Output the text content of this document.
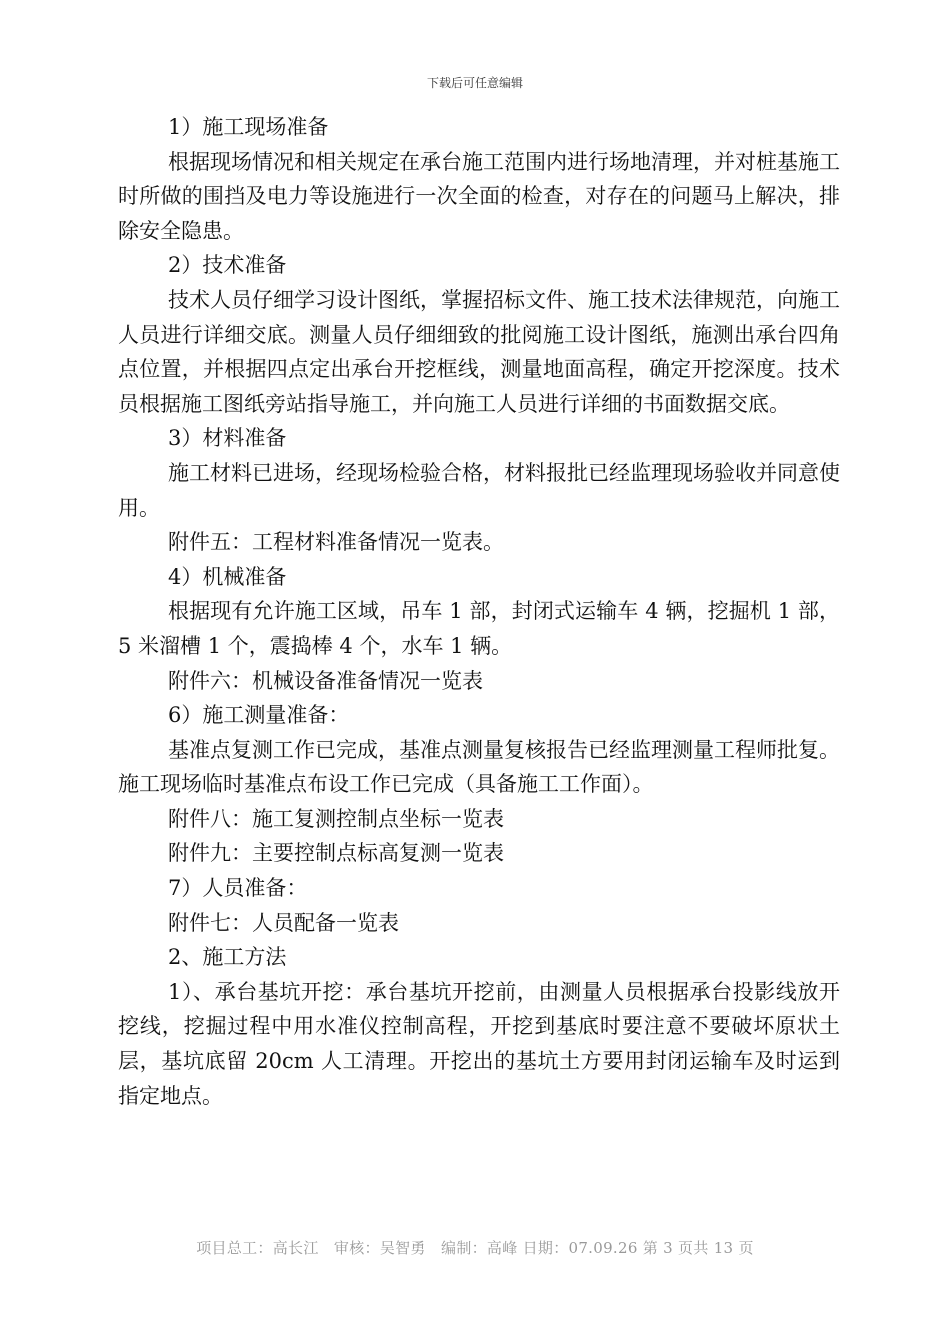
下载后可任意编辑

1）施工现场准备

根据现场情况和相关规定在承台施工范围内进行场地清理，并对桩基施工时所做的围挡及电力等设施进行一次全面的检查，对存在的问题马上解决，排除安全隐患。

2）技术准备

技术人员仔细学习设计图纸，掌握招标文件、施工技术法律规范，向施工人员进行详细交底。测量人员仔细细致的批阅施工设计图纸，施测出承台四角点位置，并根据四点定出承台开挖框线，测量地面高程，确定开挖深度。技术员根据施工图纸旁站指导施工，并向施工人员进行详细的书面数据交底。

3）材料准备

施工材料已进场，经现场检验合格，材料报批已经监理现场验收并同意使用。

附件五：工程材料准备情况一览表。

4）机械准备

根据现有允许施工区域，吊车 1 部，封闭式运输车 4 辆，挖掘机 1 部，5 米溜槽 1 个，震捣棒 4 个，水车 1 辆。

附件六：机械设备准备情况一览表

6）施工测量准备：

基准点复测工作已完成，基准点测量复核报告已经监理测量工程师批复。施工现场临时基准点布设工作已完成（具备施工工作面）。

附件八：施工复测控制点坐标一览表

附件九：主要控制点标高复测一览表

7）人员准备：

附件七：人员配备一览表

2、施工方法

1）、承台基坑开挖：承台基坑开挖前，由测量人员根据承台投影线放开挖线，挖掘过程中用水准仪控制高程，开挖到基底时要注意不要破坏原状土层，基坑底留 20cm 人工清理。开挖出的基坑土方要用封闭运输车及时运到指定地点。

项目总工：高长江　审核：吴智勇　编制：高峰 日期：07.09.26 第 3 页共 13 页
